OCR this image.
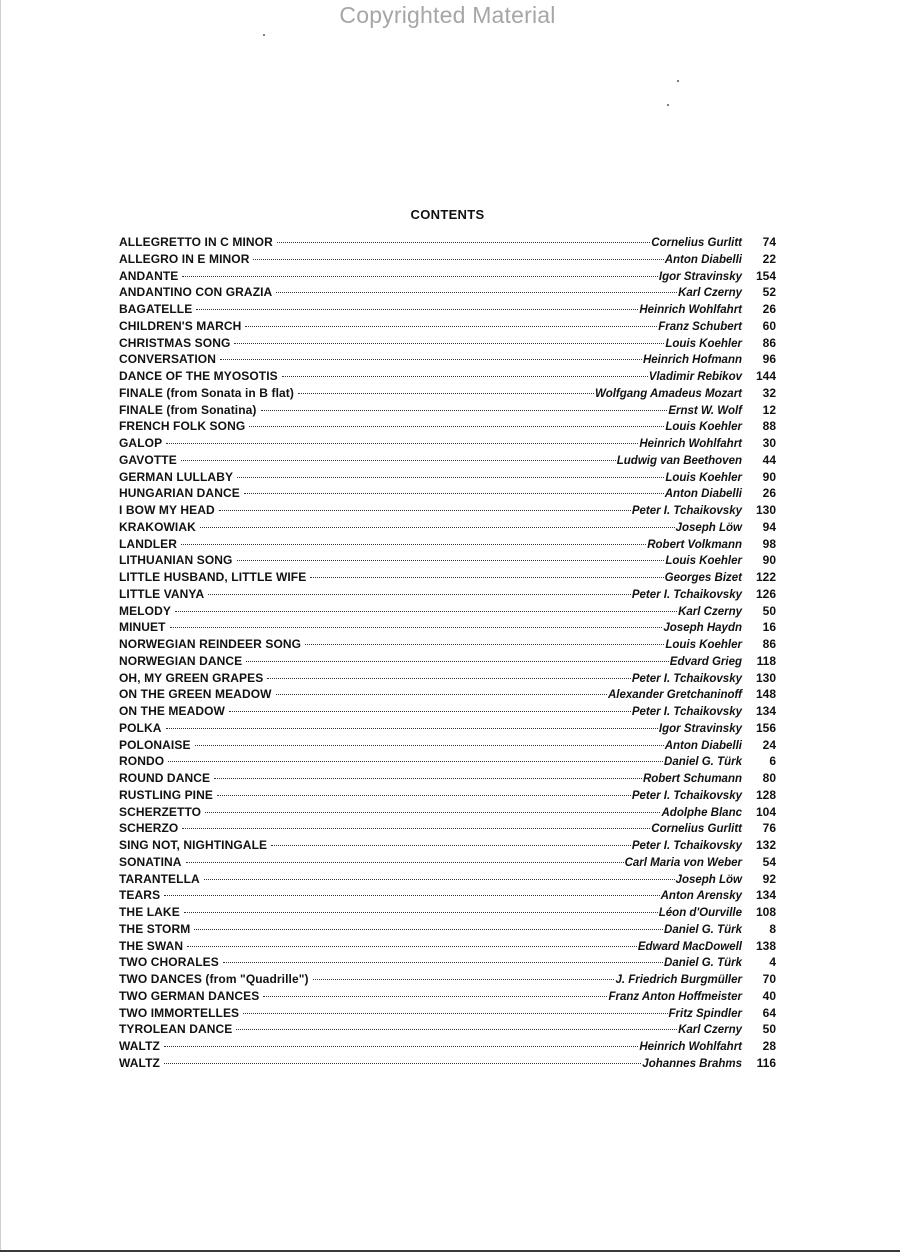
Copyrighted Material
CONTENTS
ALLEGRETTO IN C MINOR	Cornelius Gurlitt	74
ALLEGRO IN E MINOR	Anton Diabelli	22
ANDANTE	Igor Stravinsky	154
ANDANTINO CON GRAZIA	Karl Czerny	52
BAGATELLE	Heinrich Wohlfahrt	26
CHILDREN'S MARCH	Franz Schubert	60
CHRISTMAS SONG	Louis Koehler	86
CONVERSATION	Heinrich Hofmann	96
DANCE OF THE MYOSOTIS	Vladimir Rebikov	144
FINALE (from Sonata in B flat)	Wolfgang Amadeus Mozart	32
FINALE (from Sonatina)	Ernst W. Wolf	12
FRENCH FOLK SONG	Louis Koehler	88
GALOP	Heinrich Wohlfahrt	30
GAVOTTE	Ludwig van Beethoven	44
GERMAN LULLABY	Louis Koehler	90
HUNGARIAN DANCE	Anton Diabelli	26
I BOW MY HEAD	Peter I. Tchaikovsky	130
KRAKOWIAK	Joseph Löw	94
LANDLER	Robert Volkmann	98
LITHUANIAN SONG	Louis Koehler	90
LITTLE HUSBAND, LITTLE WIFE	Georges Bizet	122
LITTLE VANYA	Peter I. Tchaikovsky	126
MELODY	Karl Czerny	50
MINUET	Joseph Haydn	16
NORWEGIAN REINDEER SONG	Louis Koehler	86
NORWEGIAN DANCE	Edvard Grieg	118
OH, MY GREEN GRAPES	Peter I. Tchaikovsky	130
ON THE GREEN MEADOW	Alexander Gretchaninoff	148
ON THE MEADOW	Peter I. Tchaikovsky	134
POLKA	Igor Stravinsky	156
POLONAISE	Anton Diabelli	24
RONDO	Daniel G. Türk	6
ROUND DANCE	Robert Schumann	80
RUSTLING PINE	Peter I. Tchaikovsky	128
SCHERZETTO	Adolphe Blanc	104
SCHERZO	Cornelius Gurlitt	76
SING NOT, NIGHTINGALE	Peter I. Tchaikovsky	132
SONATINA	Carl Maria von Weber	54
TARANTELLA	Joseph Löw	92
TEARS	Anton Arensky	134
THE LAKE	Léon d'Ourville	108
THE STORM	Daniel G. Türk	8
THE SWAN	Edward MacDowell	138
TWO CHORALES	Daniel G. Türk	4
TWO DANCES (from "Quadrille")	J. Friedrich Burgmüller	70
TWO GERMAN DANCES	Franz Anton Hoffmeister	40
TWO IMMORTELLES	Fritz Spindler	64
TYROLEAN DANCE	Karl Czerny	50
WALTZ	Heinrich Wohlfahrt	28
WALTZ	Johannes Brahms	116
